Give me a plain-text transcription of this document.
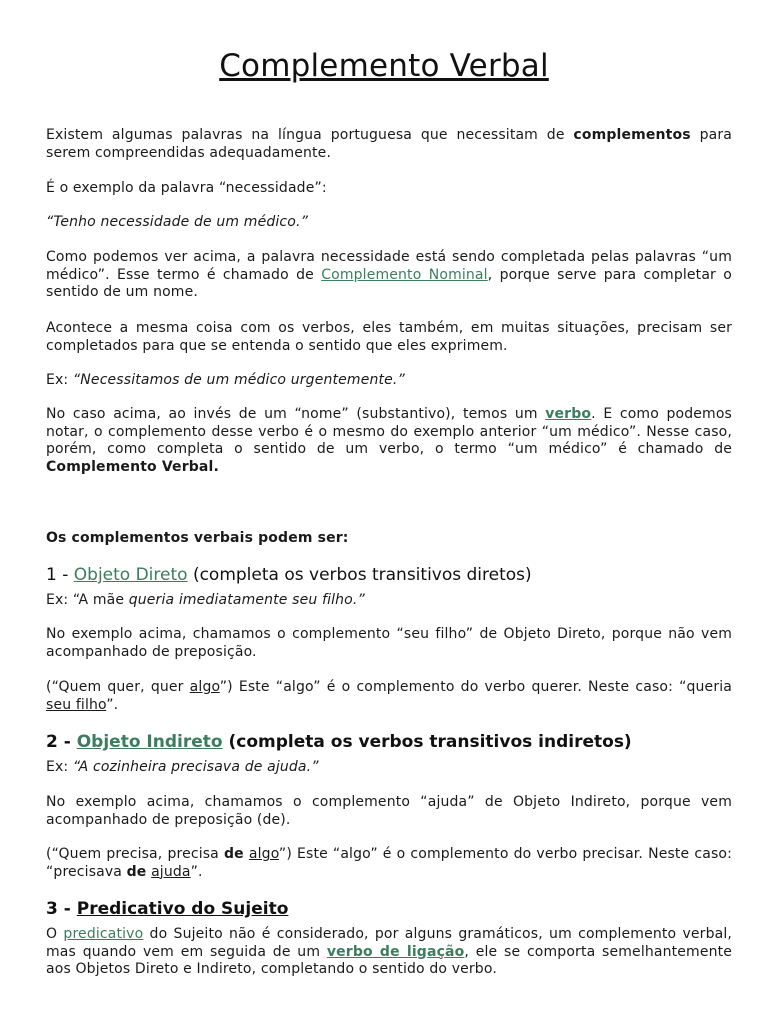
Complemento Verbal
Existem algumas palavras na língua portuguesa que necessitam de complementos para serem compreendidas adequadamente.
É o exemplo da palavra “necessidade”:
“Tenho necessidade de um médico.”
Como podemos ver acima, a palavra necessidade está sendo completada pelas palavras “um médico”. Esse termo é chamado de Complemento Nominal, porque serve para completar o sentido de um nome.
Acontece a mesma coisa com os verbos, eles também, em muitas situações, precisam ser completados para que se entenda o sentido que eles exprimem.
Ex: “Necessitamos de um médico urgentemente.”
No caso acima, ao invés de um “nome” (substantivo), temos um verbo. E como podemos notar, o complemento desse verbo é o mesmo do exemplo anterior “um médico”. Nesse caso, porém, como completa o sentido de um verbo, o termo “um médico” é chamado de Complemento Verbal.
Os complementos verbais podem ser:
1 - Objeto Direto (completa os verbos transitivos diretos)
Ex: “A mãe queria imediatamente seu filho.”
No exemplo acima, chamamos o complemento “seu filho” de Objeto Direto, porque não vem acompanhado de preposição.
(“Quem quer, quer algo”) Este “algo” é o complemento do verbo querer. Neste caso: “queria seu filho”.
2 - Objeto Indireto (completa os verbos transitivos indiretos)
Ex: “A cozinheira precisava de ajuda.”
No exemplo acima, chamamos o complemento “ajuda” de Objeto Indireto, porque vem acompanhado de preposição (de).
(“Quem precisa, precisa de algo”) Este “algo” é o complemento do verbo precisar. Neste caso: “precisava de ajuda”.
3 - Predicativo do Sujeito
O predicativo do Sujeito não é considerado, por alguns gramáticos, um complemento verbal, mas quando vem em seguida de um verbo de ligação, ele se comporta semelhantemente aos Objetos Direto e Indireto, completando o sentido do verbo.
